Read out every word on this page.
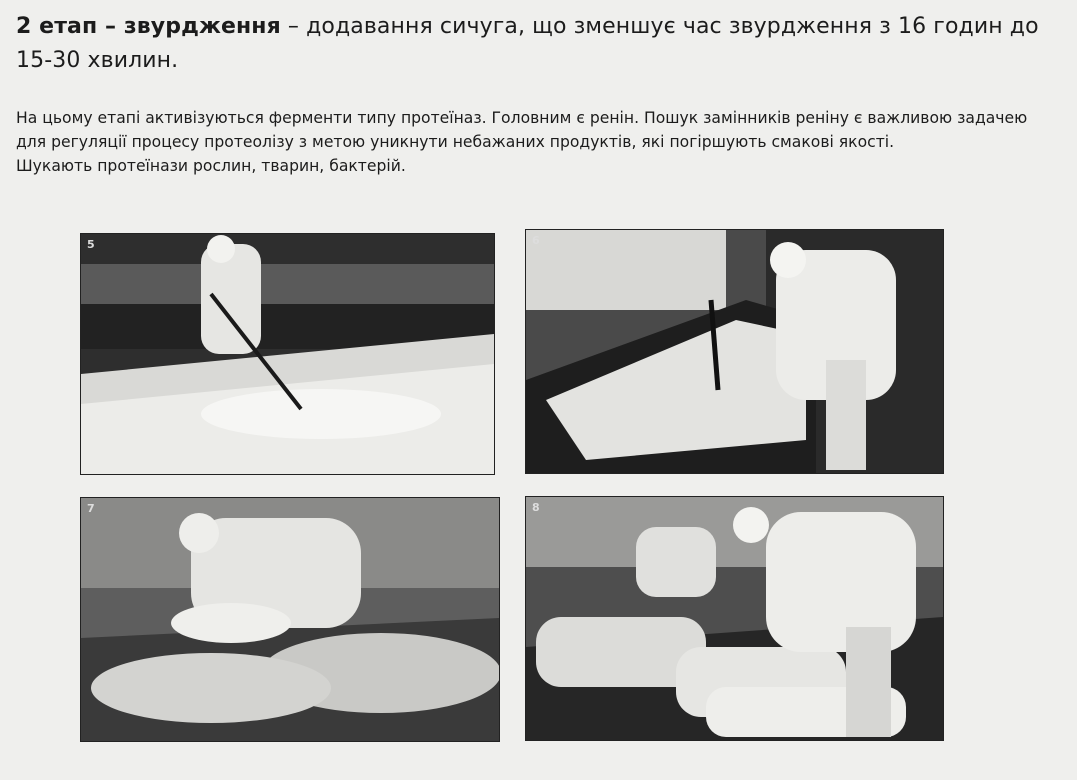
2 етап – звурдження – додавання сичуга, що зменшує час звурдження з 16 годин до 15-30 хвилин.

На цьому етапі активізуються ферменти типу протеїназ. Головним є ренін. Пошук замінників реніну є важливою задачею для регуляції процесу протеолізу з метою уникнути небажаних продуктів, які погіршують смакові якості.

Шукають протеїнази рослин, тварин, бактерій.

5	6
7	8
